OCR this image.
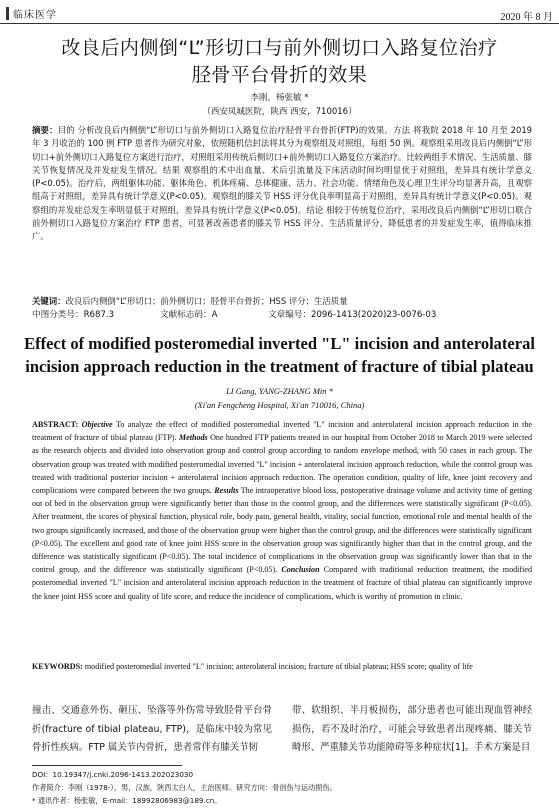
临床医学	2020 年 8 月
改良后内侧倒“L”形切口与前外侧切口入路复位治疗
胫骨平台骨折的效果
李刚，杨张敏 *
（西安凤城医院，陕西 西安，710016）
摘要：目的 分析改良后内侧倒“L”形切口与前外侧切口入路复位治疗胫骨平台骨折(FTP)的效果。方法 将我院 2018 年 10 月至 2019 年 3 月收治的 100 例 FTP 患者作为研究对象，依照随机信封法将其分为观察组及对照组，每组 50 例。观察组采用改良后内侧倒“L”形切口+前外侧切口入路复位方案进行治疗，对照组采用传统后侧切口+前外侧切口入路复位方案治疗。比较两组手术情况、生活质量、膝关节恢复情况及并发症发生情况。结果 观察组的术中出血量、术后引流量及下床活动时间均明显优于对照组，差异具有统计学意义(P<0.05)。治疗后，两组躯体功能、躯体角色、机体疼痛、总体健康、活力、社会功能、情绪角色及心理卫生评分均显著升高，且观察组高于对照组，差异具有统计学意义(P<0.05)。观察组的膝关节 HSS 评分优良率明显高于对照组，差异具有统计学意义(P<0.05)。观察组的并发症总发生率明显低于对照组，差异具有统计学意义(P<0.05)。结论 相较于传统复位治疗，采用改良后内侧倒“L”形切口联合前外侧切口入路复位方案治疗 FTP 患者，可显著改善患者的膝关节 HSS 评分、生活质量评分，降低患者的并发症发生率，值得临床推广。
关键词：改良后内侧倒“L”形切口；前外侧切口；胫骨平台骨折；HSS 评分；生活质量
中图分类号：R687.3	文献标志码：A	文章编号：2096-1413(2020)23-0076-03
Effect of modified posteromedial inverted "L" incision and anterolateral
incision approach reduction in the treatment of fracture of tibial plateau
LI Gang, YANG-ZHANG Min *
(Xi'an Fengcheng Hospital, Xi'an 710016, China)
ABSTRACT: Objective To analyze the effect of modified posteromedial inverted "L" incision and anterolateral incision approach reduction in the treatment of fracture of tibial plateau (FTP). Methods One hundred FTP patients treated in our hospital from October 2018 to March 2019 were selected as the research objects and divided into observation group and control group according to random envelope method, with 50 cases in each group. The observation group was treated with modified posteromedial inverted "L" incision + anterolateral incision approach reduction, while the control group was treated with traditional posterior incision + anterolateral incision approach reduction. The operation condition, quality of life, knee joint recovery and complications were compared between the two groups. Results The intraoperative blood loss, postoperative drainage volume and activity time of getting out of bed in the observation group were significantly better than those in the control group, and the differences were statistically significant (P<0.05). After treatment, the scores of physical function, physical role, body pain, general health, vitality, social function, emotional role and mental health of the two groups significantly increased, and those of the observation group were higher than the control group, and the differences were statistically significant (P<0.05). The excellent and good rate of knee joint HSS score in the observation group was significantly higher than that in the control group, and the difference was statistically significant (P<0.05). The total incidence of complications in the observation group was significantly lower than that in the control group, and the difference was statistically significant (P<0.05). Conclusion Compared with traditional reduction treatment, the modified posteromedial inverted "L" incision and anterolateral incision approach reduction in the treatment of fracture of tibial plateau can significantly improve the knee joint HSS score and quality of life score, and reduce the incidence of complications, which is worthy of promotion in clinic.
KEYWORDS: modified posteromedial inverted "L" incision; anterolateral incision; fracture of tibial plateau; HSS score; quality of life
撞击、交通意外伤、砸压、坠落等外伤常导致胫骨平台骨折(fracture of tibial plateau, FTP)，是临床中较为常见骨折性疾病。FTP 属关节内骨折，患者常伴有膝关节韧
带、软组织、半月板损伤，部分患者也可能出现血管神经损伤，若不及时治疗，可能会导致患者出现疼痛、膝关节畸形、严重膝关节功能障碍等多种症状[1]。手术方案是目
DOI：10.19347/j.cnki.2096-1413.202023030
作者简介：李刚（1978-），男，汉族，陕西太白人，主治医师。研究方向：骨创伤与运动损伤。
* 通讯作者：杨张敏，E-mail：18992806983@189.cn。
